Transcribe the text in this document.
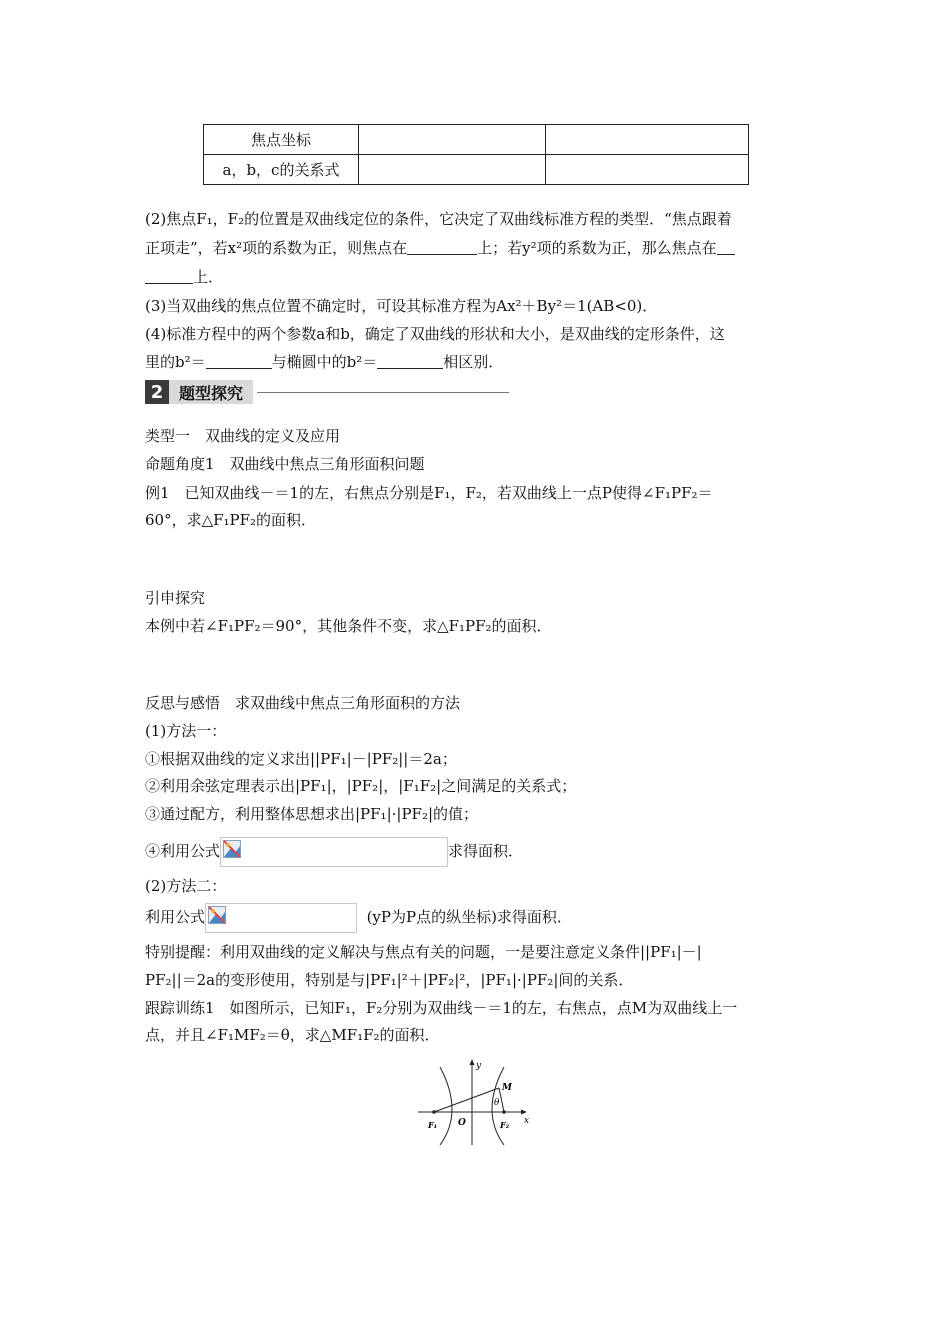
焦点坐标		
a，b，c的关系式		
(2)焦点F₁，F₂的位置是双曲线定位的条件，它决定了双曲线标准方程的类型．“焦点跟着
正项走”，若x²项的系数为正，则焦点在	上；若y²项的系数为正，那么焦点在
上．
(3)当双曲线的焦点位置不确定时，可设其标准方程为Ax²＋By²＝1(AB<0)．
(4)标准方程中的两个参数a和b，确定了双曲线的形状和大小，是双曲线的定形条件，这
里的b²＝	与椭圆中的b²＝	相区别．
2 题型探究
类型一　双曲线的定义及应用
命题角度1　双曲线中焦点三角形面积问题
例1　已知双曲线－＝1的左，右焦点分别是F₁，F₂，若双曲线上一点P使得∠F₁PF₂＝
60°，求△F₁PF₂的面积．
引申探究
本例中若∠F₁PF₂＝90°，其他条件不变，求△F₁PF₂的面积．
反思与感悟　求双曲线中焦点三角形面积的方法
(1)方法一：
①根据双曲线的定义求出||PF₁|－|PF₂||＝2a；
②利用余弦定理表示出|PF₁|，|PF₂|，|F₁F₂|之间满足的关系式；
③通过配方，利用整体思想求出|PF₁|·|PF₂|的值；
④利用公式	求得面积．
(2)方法二：
利用公式	(yP为P点的纵坐标)求得面积．
特别提醒：利用双曲线的定义解决与焦点有关的问题，一是要注意定义条件||PF₁|－|
PF₂||＝2a的变形使用，特别是与|PF₁|²＋|PF₂|²，|PF₁|·|PF₂|间的关系．
跟踪训练1　如图所示，已知F₁，F₂分别为双曲线－＝1的左，右焦点，点M为双曲线上一
点，并且∠F₁MF₂＝θ，求△MF₁F₂的面积．
y
x
M
θ
O
F₁	F₂
